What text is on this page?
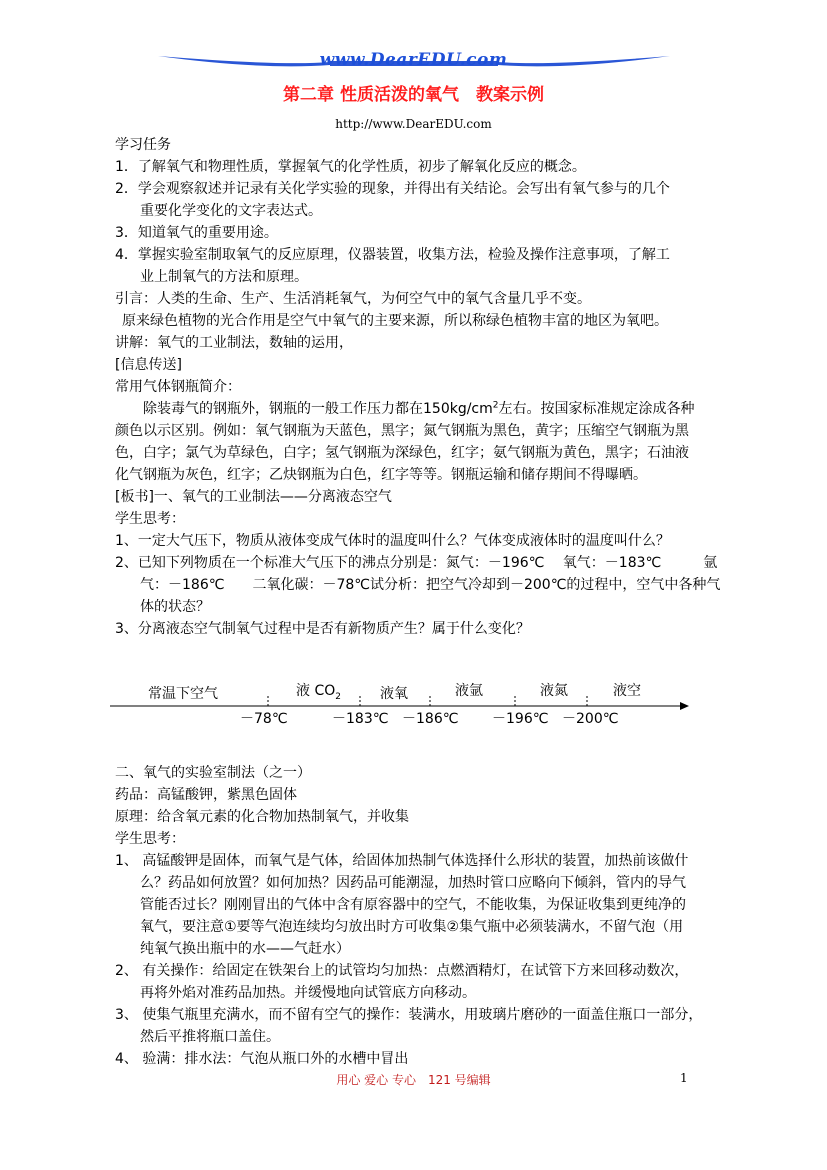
www.DearEDU.com
第二章 性质活泼的氧气　教案示例
http://www.DearEDU.com
学习任务
1．了解氧气和物理性质，掌握氧气的化学性质，初步了解氧化反应的概念。
2．学会观察叙述并记录有关化学实验的现象，并得出有关结论。会写出有氧气参与的几个
重要化学变化的文字表达式。
3．知道氧气的重要用途。
4．掌握实验室制取氧气的反应原理，仪器装置，收集方法，检验及操作注意事项，了解工
业上制氧气的方法和原理。
引言：人类的生命、生产、生活消耗氧气，为何空气中的氧气含量几乎不变。
原来绿色植物的光合作用是空气中氧气的主要来源，所以称绿色植物丰富的地区为氧吧。
讲解：氧气的工业制法，数轴的运用，
[信息传送]
常用气体钢瓶简介：
除装毒气的钢瓶外，钢瓶的一般工作压力都在$150kg/cm^2$左右。按国家标准规定涂成各种
颜色以示区别。例如：氧气钢瓶为天蓝色，黑字；氮气钢瓶为黑色，黄字；压缩空气钢瓶为黑
色，白字；氯气为草绿色，白字；氢气钢瓶为深绿色，红字；氨气钢瓶为黄色，黑字；石油液
化气钢瓶为灰色，红字；乙炔钢瓶为白色，红字等等。钢瓶运输和储存期间不得曝晒。
[板书]一、氧气的工业制法——分离液态空气
学生思考：
1、一定大气压下，物质从液体变成气体时的温度叫什么？气体变成液体时的温度叫什么？
2、已知下列物质在一个标准大气压下的沸点分别是：氮气：－196℃　 氧气：－183℃　　　氩
气：－186℃　　二氧化碳：－78℃试分析：把空气冷却到－200℃的过程中，空气中各种气
体的状态？
3、分离液态空气制氧气过程中是否有新物质产生？属于什么变化？
常温下空气	液 $CO_2$	液氧	液氩	液氮	液空
－78℃	－183℃ －186℃ －196℃ －200℃
二、氧气的实验室制法（之一）
药品：高锰酸钾，紫黑色固体
原理：给含氧元素的化合物加热制氧气，并收集
学生思考：
1、 高锰酸钾是固体，而氧气是气体，给固体加热制气体选择什么形状的装置，加热前该做什
么？药品如何放置？如何加热？因药品可能潮湿，加热时管口应略向下倾斜，管内的导气
管能否过长？刚刚冒出的气体中含有原容器中的空气，不能收集，为保证收集到更纯净的
氧气，要注意①要等气泡连续均匀放出时方可收集②集气瓶中必须装满水，不留气泡（用
纯氧气换出瓶中的水——气赶水）
2、 有关操作：给固定在铁架台上的试管均匀加热：点燃酒精灯，在试管下方来回移动数次，
再将外焰对准药品加热。并缓慢地向试管底方向移动。
3、 使集气瓶里充满水，而不留有空气的操作：装满水，用玻璃片磨砂的一面盖住瓶口一部分，
然后平推将瓶口盖住。
4、 验满：排水法：气泡从瓶口外的水槽中冒出
用心 爱心 专心　121 号编辑	1
